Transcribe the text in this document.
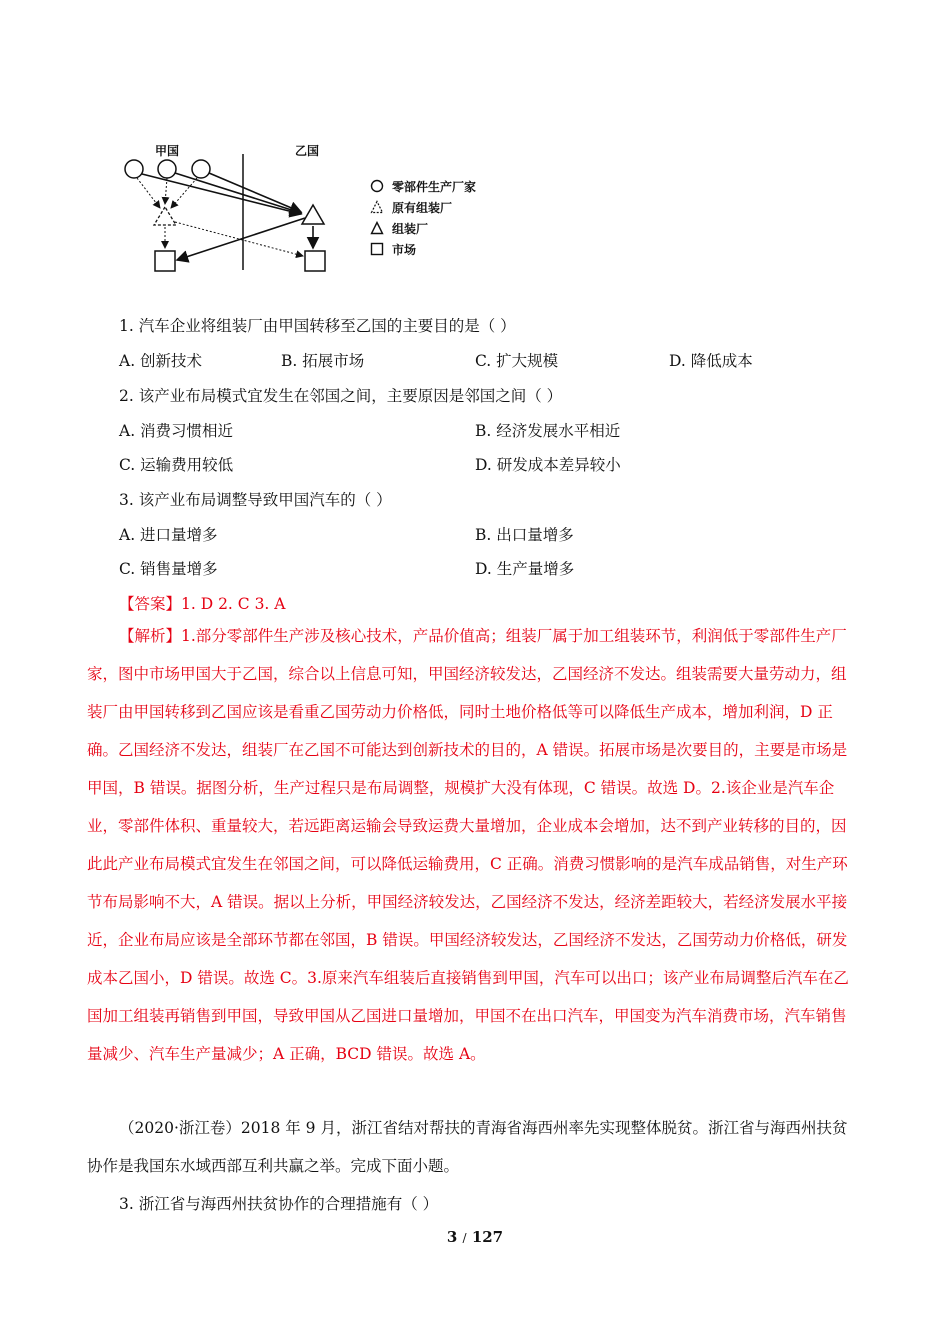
甲国	乙国
零部件生产厂家
原有组装厂
组装厂
市场
1. 汽车企业将组装厂由甲国转移至乙国的主要目的是（ ）
A. 创新技术	B. 拓展市场	C. 扩大规模	D. 降低成本
2. 该产业布局模式宜发生在邻国之间，主要原因是邻国之间（ ）
A. 消费习惯相近	B. 经济发展水平相近
C. 运输费用较低	D. 研发成本差异较小
3. 该产业布局调整导致甲国汽车的（ ）
A. 进口量增多	B. 出口量增多
C. 销售量增多	D. 生产量增多
【答案】1. D 2. C 3. A
【解析】1.部分零部件生产涉及核心技术，产品价值高；组装厂属于加工组装环节，利润低于零部件生产厂家，图中市场甲国大于乙国，综合以上信息可知，甲国经济较发达，乙国经济不发达。组装需要大量劳动力，组装厂由甲国转移到乙国应该是看重乙国劳动力价格低，同时土地价格低等可以降低生产成本，增加利润，D 正确。乙国经济不发达，组装厂在乙国不可能达到创新技术的目的，A 错误。拓展市场是次要目的，主要是市场是甲国，B 错误。据图分析，生产过程只是布局调整，规模扩大没有体现，C 错误。故选 D。2.该企业是汽车企业，零部件体积、重量较大，若远距离运输会导致运费大量增加，企业成本会增加，达不到产业转移的目的，因此此产业布局模式宜发生在邻国之间，可以降低运输费用，C 正确。消费习惯影响的是汽车成品销售，对生产环节布局影响不大，A 错误。据以上分析，甲国经济较发达，乙国经济不发达，经济差距较大，若经济发展水平接近，企业布局应该是全部环节都在邻国，B 错误。甲国经济较发达，乙国经济不发达，乙国劳动力价格低，研发成本乙国小，D 错误。故选 C。3.原来汽车组装后直接销售到甲国，汽车可以出口；该产业布局调整后汽车在乙国加工组装再销售到甲国，导致甲国从乙国进口量增加，甲国不在出口汽车，甲国变为汽车消费市场，汽车销售量减少、汽车生产量减少；A 正确，BCD 错误。故选 A。
（2020·浙江卷）2018 年 9 月，浙江省结对帮扶的青海省海西州率先实现整体脱贫。浙江省与海西州扶贫协作是我国东水域西部互利共赢之举。完成下面小题。
3. 浙江省与海西州扶贫协作的合理措施有（ ）
3 / 127
